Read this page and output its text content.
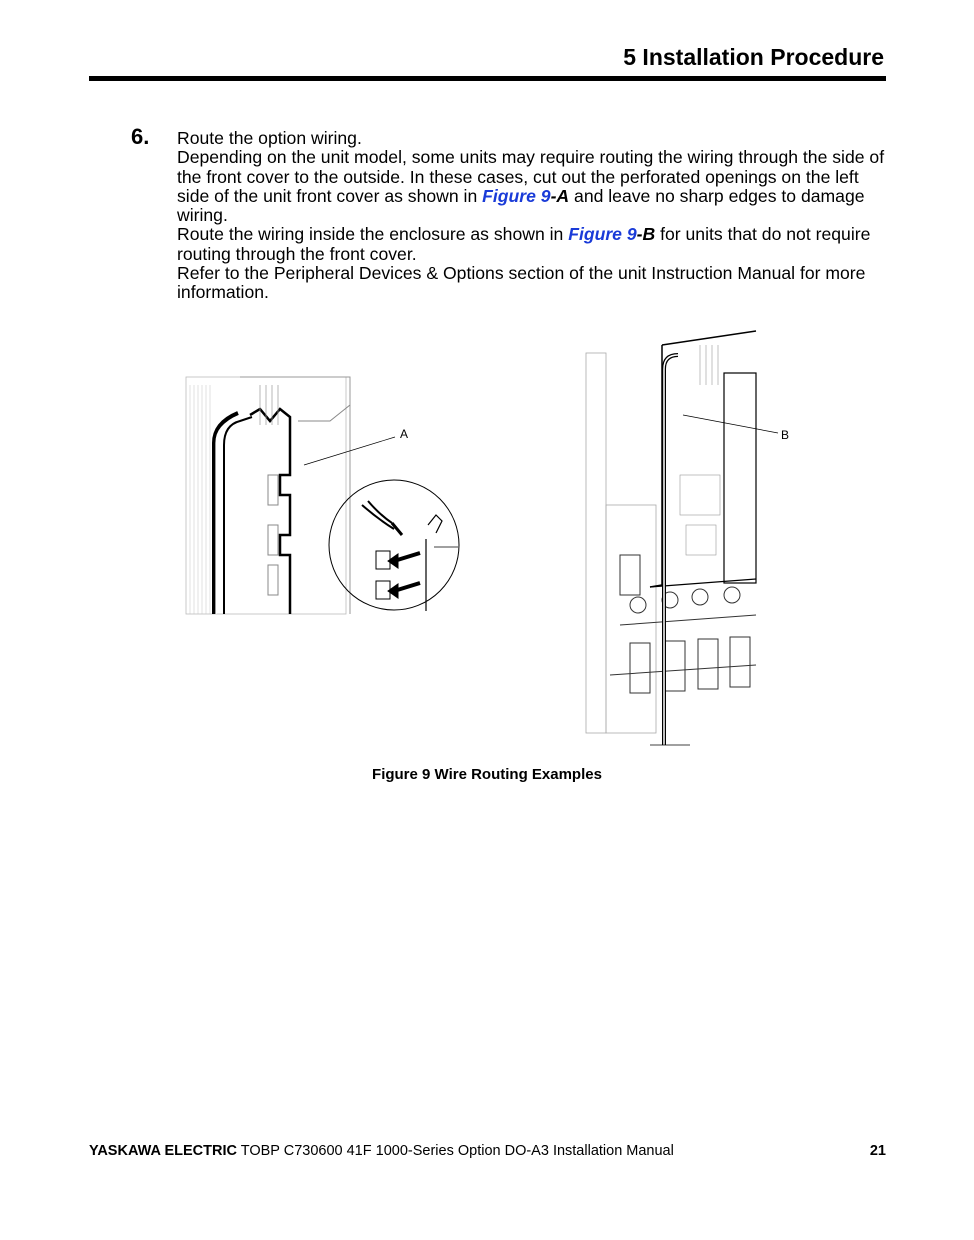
5 Installation Procedure
6. Route the option wiring.

Depending on the unit model, some units may require routing the wiring through the side of the front cover to the outside. In these cases, cut out the perforated openings on the left side of the unit front cover as shown in Figure 9-A and leave no sharp edges to damage wiring.

Route the wiring inside the enclosure as shown in Figure 9-B for units that do not require routing through the front cover.

Refer to the Peripheral Devices & Options section of the unit Instruction Manual for more information.

A	B
Figure 9 Wire Routing Examples
YASKAWA ELECTRIC TOBP C730600 41F 1000-Series Option DO-A3 Installation Manual	21
